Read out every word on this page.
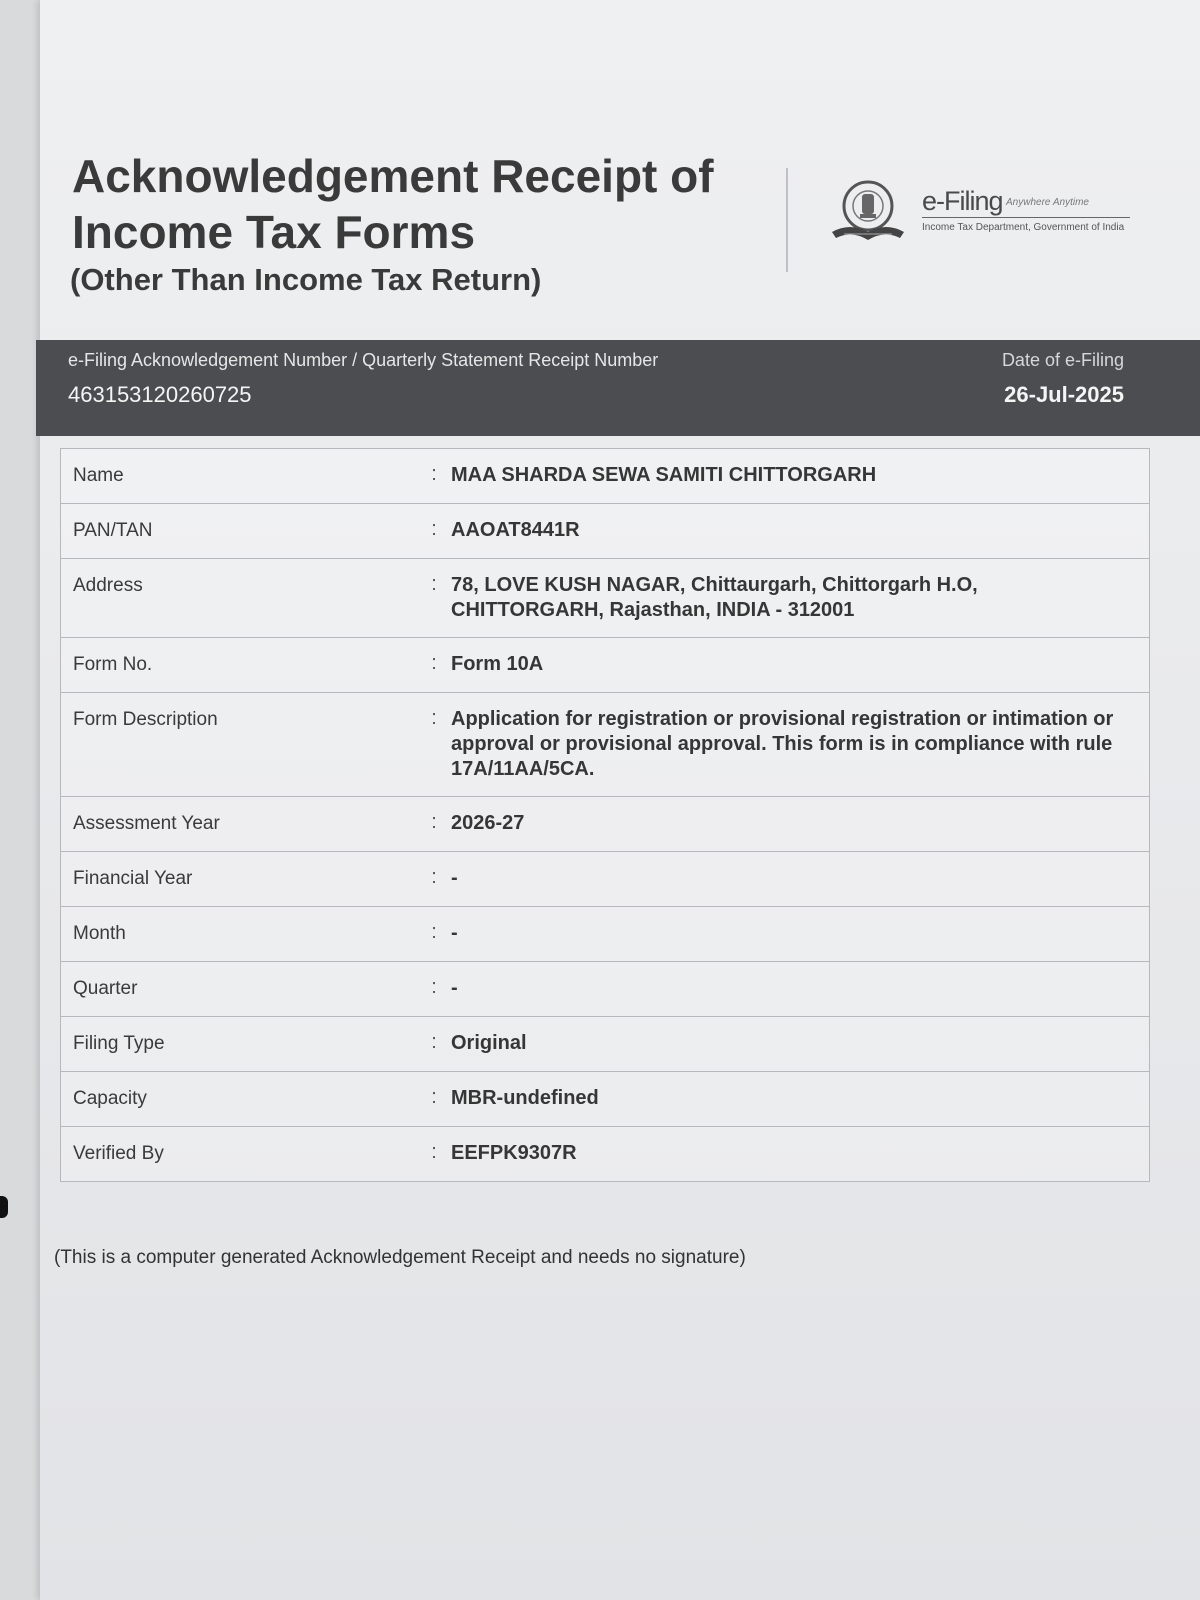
Acknowledgement Receipt of Income Tax Forms

(Other Than Income Tax Return)

e-Filing Anywhere Anytime
Income Tax Department, Government of India
e-Filing Acknowledgement Number / Quarterly Statement Receipt Number
463153120260725
Date of e-Filing
26-Jul-2025
Name	: MAA SHARDA SEWA SAMITI CHITTORGARH
PAN/TAN	: AAOAT8441R
Address	: 78, LOVE KUSH NAGAR, Chittaurgarh, Chittorgarh H.O, CHITTORGARH, Rajasthan, INDIA - 312001
Form No.	: Form 10A
Form Description	: Application for registration or provisional registration or intimation or approval or provisional approval. This form is in compliance with rule 17A/11AA/5CA.
Assessment Year	: 2026-27
Financial Year	: -
Month	: -
Quarter	: -
Filing Type	: Original
Capacity	: MBR-undefined
Verified By	: EEFPK9307R

(This is a computer generated Acknowledgement Receipt and needs no signature)
